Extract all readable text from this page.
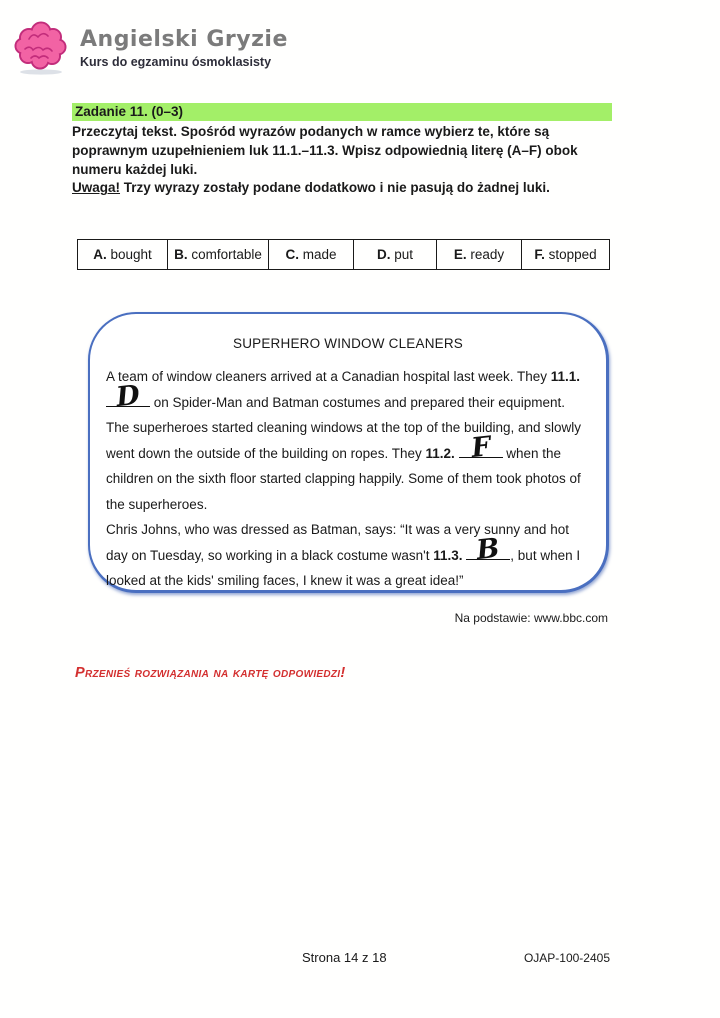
Angielski Gryzie
Kurs do egzaminu ósmoklasisty
Zadanie 11. (0–3)

Przeczytaj tekst. Spośród wyrazów podanych w ramce wybierz te, które są poprawnym uzupełnieniem luk 11.1.–11.3. Wpisz odpowiednią literę (A–F) obok numeru każdej luki.

Uwaga! Trzy wyrazy zostały podane dodatkowo i nie pasują do żadnej luki.

A. bought	B. comfortable	C. made	D. put	E. ready	F. stopped
SUPERHERO WINDOW CLEANERS
A team of window cleaners arrived at a Canadian hospital last week. They 11.1.
D on Spider-Man and Batman costumes and prepared their equipment. The superheroes started cleaning windows at the top of the building, and slowly went down the outside of the building on ropes. They 11.2. F when the children on the sixth floor started clapping happily. Some of them took photos of the superheroes.
Chris Johns, who was dressed as Batman, says: “It was a very sunny and hot day on Tuesday, so working in a black costume wasn't 11.3. B , but when I looked at the kids' smiling faces, I knew it was a great idea!”
Na podstawie: www.bbc.com
Przenieś rozwiązania na kartę odpowiedzi!
Strona 14 z 18	OJAP-100-2405
